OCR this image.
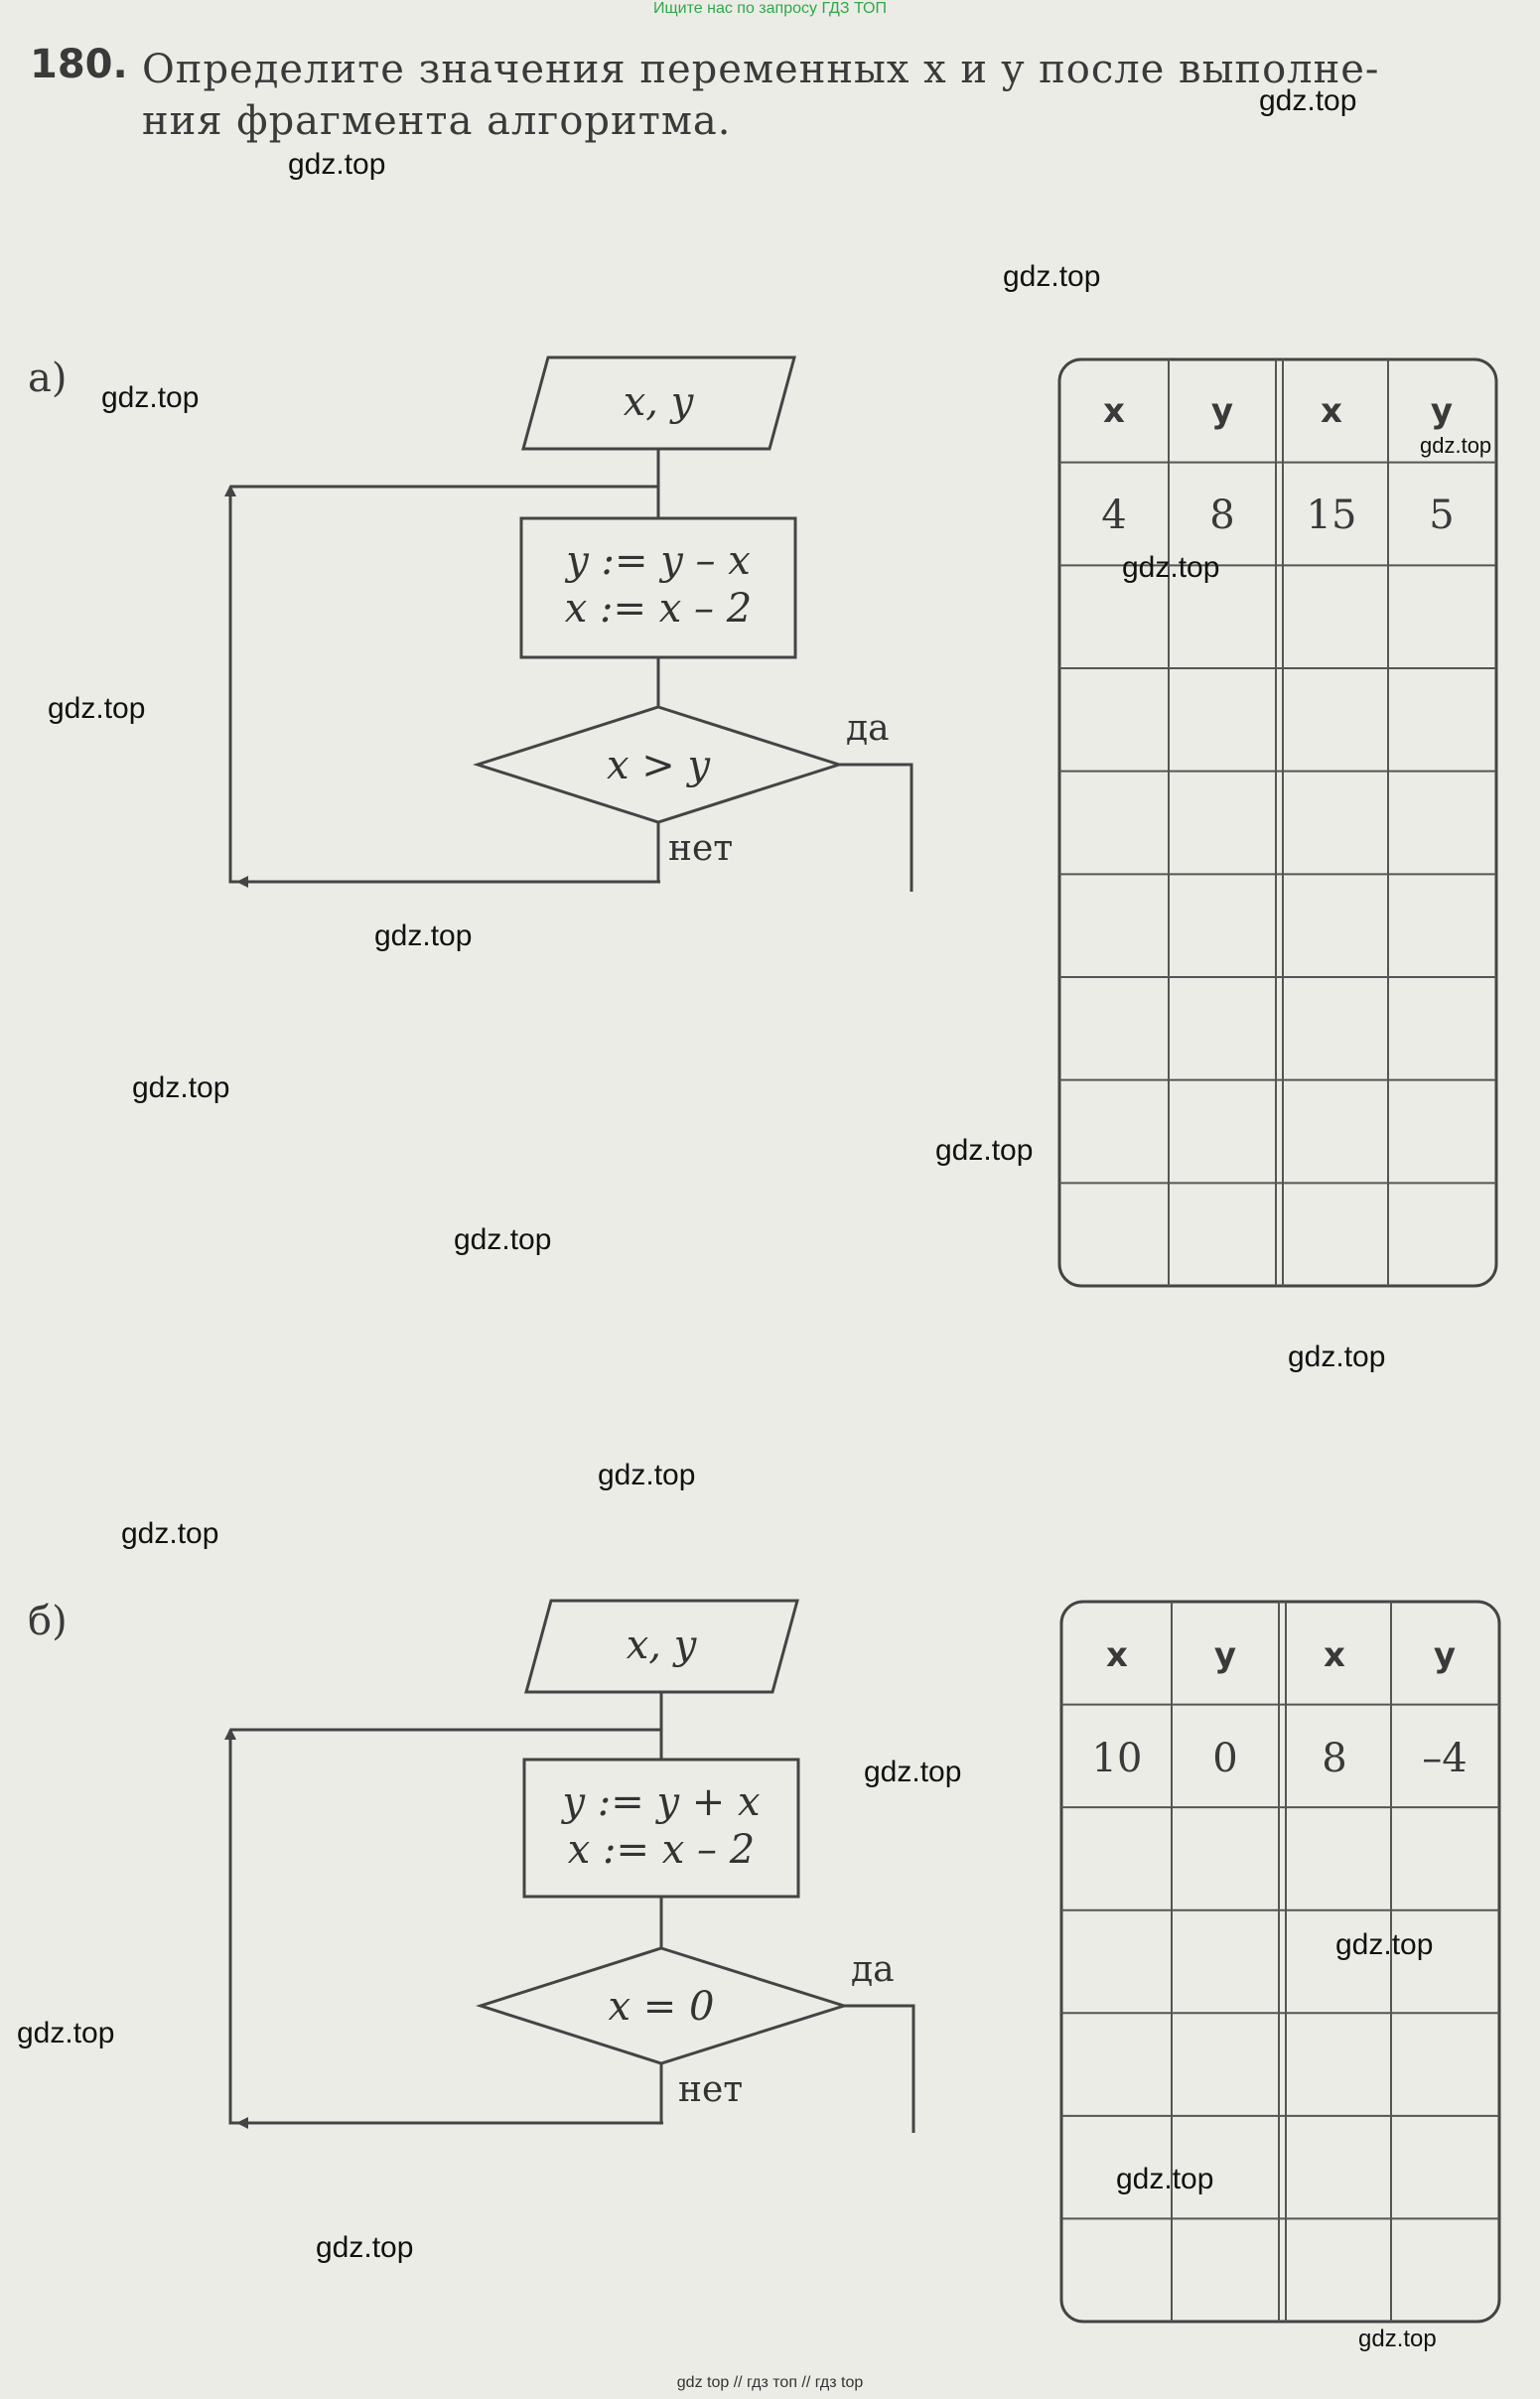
Ищите нас по запросу ГДЗ ТОП
180. Определите значения переменных x и y после выполне-
ния фрагмента алгоритма.
а)
x, y
y := y – x
x := x – 2
x > y
да
нет
x	y	x	y
4 8 15 5
x, y
y := y + x
x := x – 2
x = 0
да
нет
x	y	x	y
10 0 8 –4
б)
gdz.top
gdz.top
gdz.top
gdz.top
gdz.top
gdz.top
gdz.top
gdz.top
gdz.top
gdz.top
gdz.top
gdz.top
gdz.top
gdz.top
gdz.top
gdz.top
gdz.top
gdz.top
gdz.top
gdz.top
gdz top // гдз топ // гдз top
